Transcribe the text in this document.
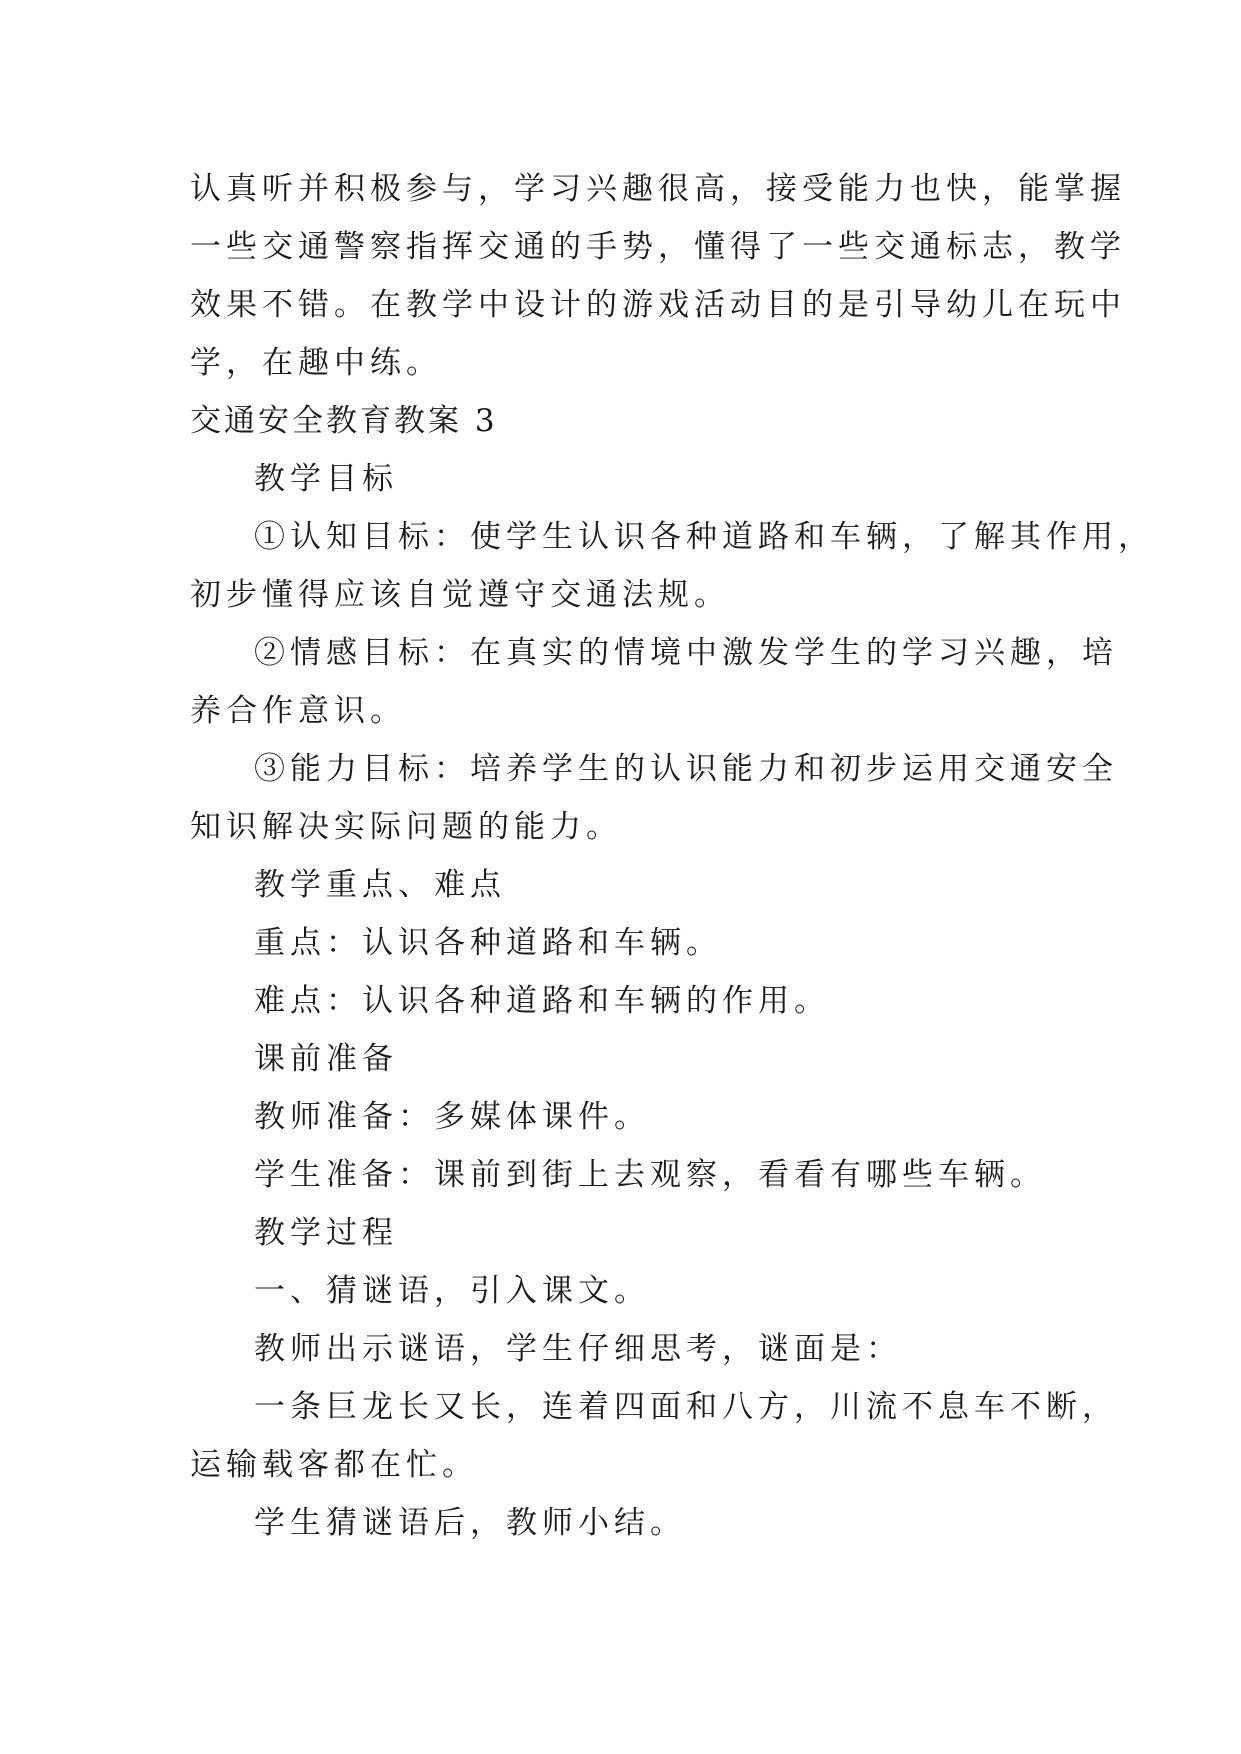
认真听并积极参与，学习兴趣很高，接受能力也快，能掌握
一些交通警察指挥交通的手势，懂得了一些交通标志，教学
效果不错。在教学中设计的游戏活动目的是引导幼儿在玩中
学，在趣中练。
交通安全教育教案 3
教学目标
①认知目标：使学生认识各种道路和车辆，了解其作用，
初步懂得应该自觉遵守交通法规。
②情感目标：在真实的情境中激发学生的学习兴趣，培
养合作意识。
③能力目标：培养学生的认识能力和初步运用交通安全
知识解决实际问题的能力。
教学重点、难点
重点：认识各种道路和车辆。
难点：认识各种道路和车辆的作用。
课前准备
教师准备：多媒体课件。
学生准备：课前到街上去观察，看看有哪些车辆。
教学过程
一、猜谜语，引入课文。
教师出示谜语，学生仔细思考，谜面是：
一条巨龙长又长，连着四面和八方，川流不息车不断，
运输载客都在忙。
学生猜谜语后，教师小结。
